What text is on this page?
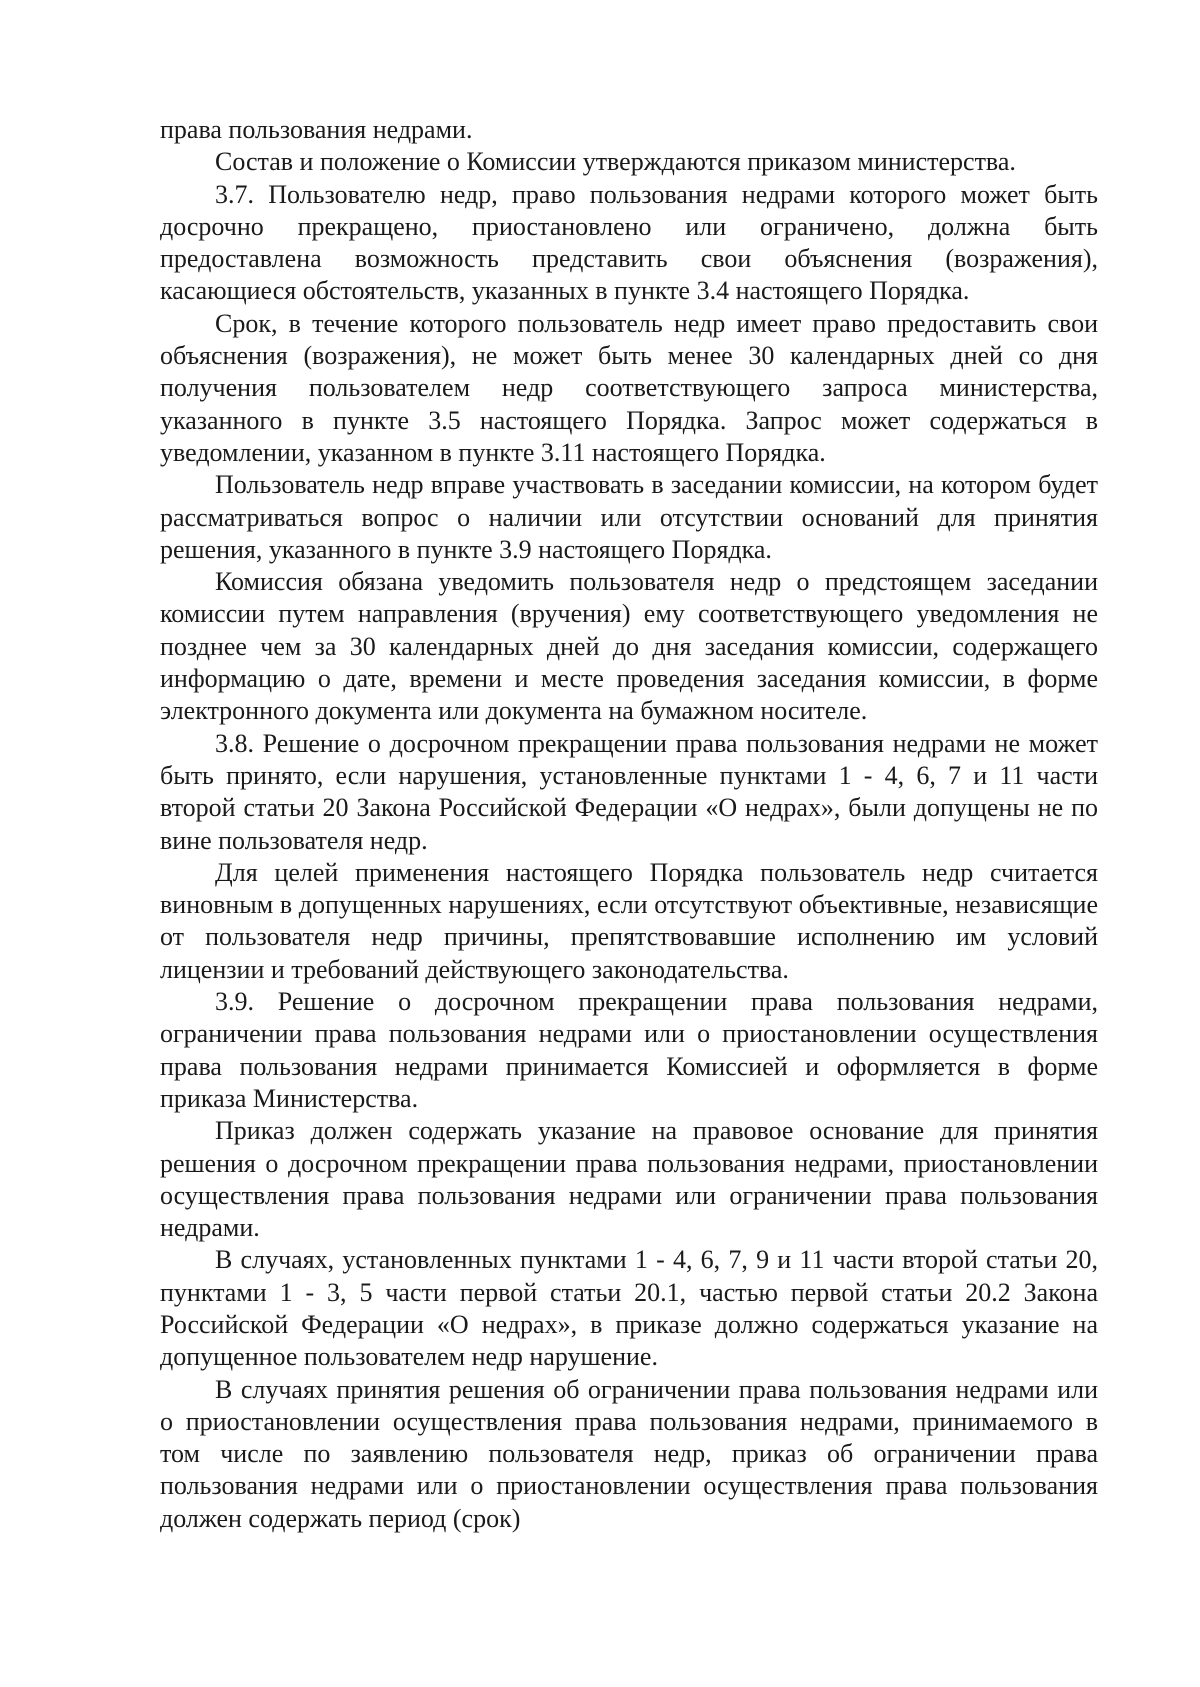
права пользования недрами.

Состав и положение о Комиссии утверждаются приказом министерства.

3.7. Пользователю недр, право пользования недрами которого может быть досрочно прекращено, приостановлено или ограничено, должна быть предоставлена возможность представить свои объяснения (возражения), касающиеся обстоятельств, указанных в пункте 3.4 настоящего Порядка.

Срок, в течение которого пользователь недр имеет право предоставить свои объяснения (возражения), не может быть менее 30 календарных дней со дня получения пользователем недр соответствующего запроса министерства, указанного в пункте 3.5 настоящего Порядка. Запрос может содержаться в уведомлении, указанном в пункте 3.11 настоящего Порядка.

Пользователь недр вправе участвовать в заседании комиссии, на котором будет рассматриваться вопрос о наличии или отсутствии оснований для принятия решения, указанного в пункте 3.9 настоящего Порядка.

Комиссия обязана уведомить пользователя недр о предстоящем заседании комиссии путем направления (вручения) ему соответствующего уведомления не позднее чем за 30 календарных дней до дня заседания комиссии, содержащего информацию о дате, времени и месте проведения заседания комиссии, в форме электронного документа или документа на бумажном носителе.

3.8. Решение о досрочном прекращении права пользования недрами не может быть принято, если нарушения, установленные пунктами 1 - 4, 6, 7 и 11 части второй статьи 20 Закона Российской Федерации «О недрах», были допущены не по вине пользователя недр.

Для целей применения настоящего Порядка пользователь недр считается виновным в допущенных нарушениях, если отсутствуют объективные, независящие от пользователя недр причины, препятствовавшие исполнению им условий лицензии и требований действующего законодательства.

3.9. Решение о досрочном прекращении права пользования недрами, ограничении права пользования недрами или о приостановлении осуществления права пользования недрами принимается Комиссией и оформляется в форме приказа Министерства.

Приказ должен содержать указание на правовое основание для принятия решения о досрочном прекращении права пользования недрами, приостановлении осуществления права пользования недрами или ограничении права пользования недрами.

В случаях, установленных пунктами 1 - 4, 6, 7, 9 и 11 части второй статьи 20, пунктами 1 - 3, 5 части первой статьи 20.1, частью первой статьи 20.2 Закона Российской Федерации «О недрах», в приказе должно содержаться указание на допущенное пользователем недр нарушение.

В случаях принятия решения об ограничении права пользования недрами или о приостановлении осуществления права пользования недрами, принимаемого в том числе по заявлению пользователя недр, приказ об ограничении права пользования недрами или о приостановлении осуществления права пользования должен содержать период (срок)
